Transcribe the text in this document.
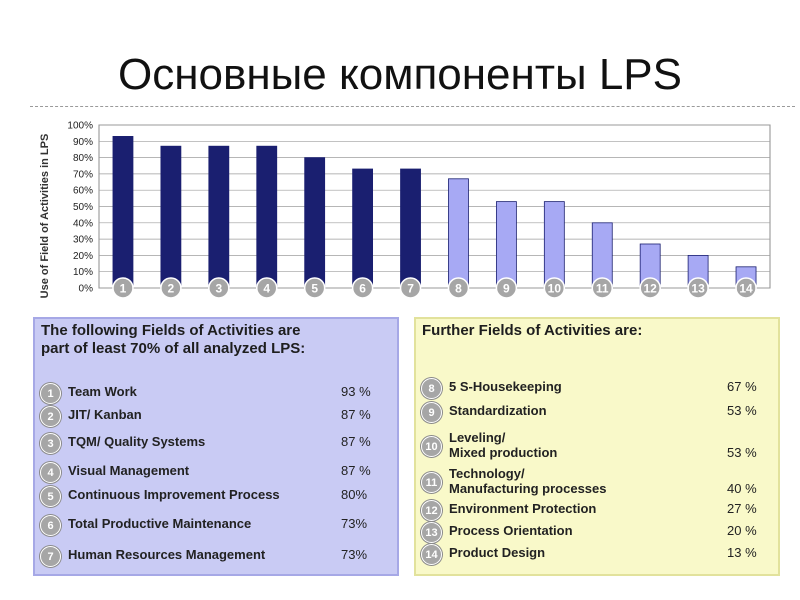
Основные компоненты LPS
Use of Field of Activities in LPS	0%
10%
20%
30%
40%
50%
60%
70%
80%
90%
100%
1	2	3	4	5	6	7	8	9	10	11	12	13	14
The following Fields of Activities are
part of least 70% of all analyzed LPS:
1	Team Work	93 %
2	JIT/ Kanban	87 %
3	TQM/ Quality Systems	87 %
4	Visual Management	87 %
5	Continuous Improvement Process	80%
6	Total Productive Maintenance	73%
7	Human Resources Management	73%
Further Fields of Activities are:
8	5 S-Housekeeping	67 %
9	Standardization	53 %
10
Leveling/
Mixed production	53 %
11
Technology/
Manufacturing processes	40 %
12 Environment Protection	27 %
13 Process Orientation	20 %
14 Product Design	13 %
